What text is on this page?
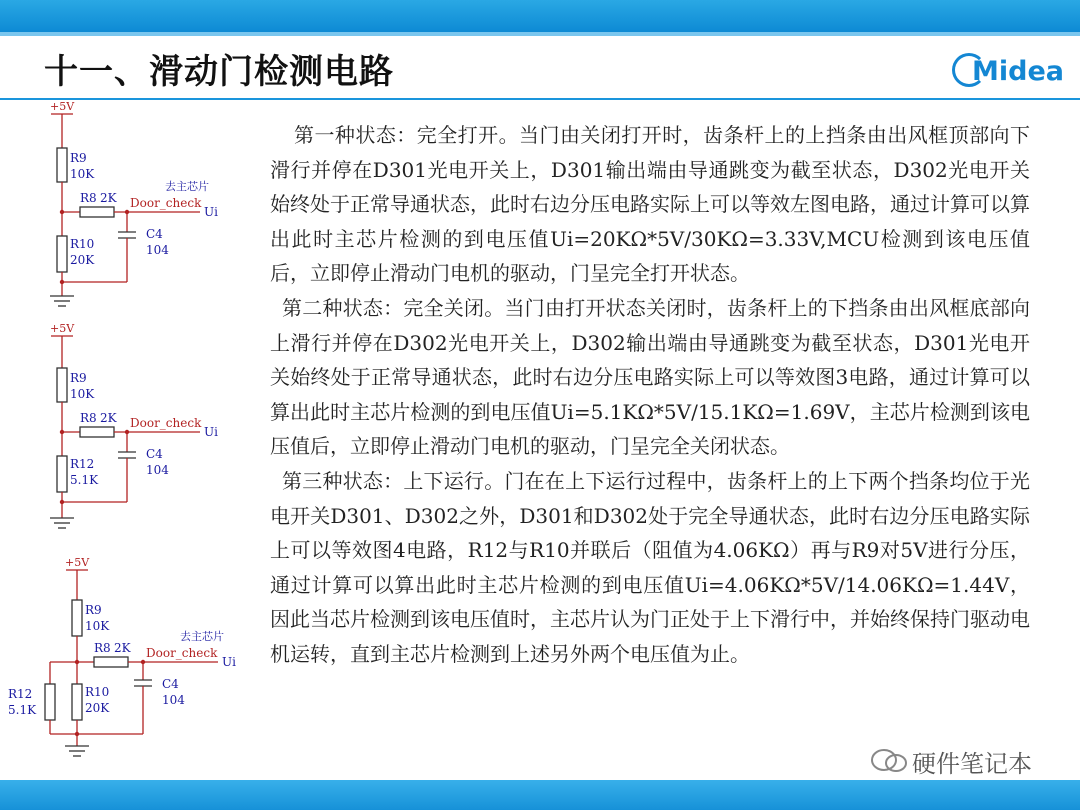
十一、滑动门检测电路	Midea
+5V
R9
10K
R8 2K
去主芯片
Door_check
Ui
R10
20K
C4
104
+5V
R9
10K
R8 2K Door_check
Ui
R12
5.1K
C4
104
+5V
R9
10K
R8 2K
去主芯片
Door_check
Ui
R12
5.1K
R10
20K
C4
104

第一种状态：完全打开。当门由关闭打开时，齿条杆上的上挡条由出风框顶部向下滑行并停在D301光电开关上，D301输出端由导通跳变为截至状态，D302光电开关始终处于正常导通状态，此时右边分压电路实际上可以等效左图电路，通过计算可以算出此时主芯片检测的到电压值Ui=20KΩ*5V/30KΩ=3.33V,MCU检测到该电压值后，立即停止滑动门电机的驱动，门呈完全打开状态。

第二种状态：完全关闭。当门由打开状态关闭时，齿条杆上的下挡条由出风框底部向上滑行并停在D302光电开关上，D302输出端由导通跳变为截至状态，D301光电开关始终处于正常导通状态，此时右边分压电路实际上可以等效图3电路，通过计算可以算出此时主芯片检测的到电压值Ui=5.1KΩ*5V/15.1KΩ=1.69V，主芯片检测到该电压值后，立即停止滑动门电机的驱动，门呈完全关闭状态。

第三种状态：上下运行。门在在上下运行过程中，齿条杆上的上下两个挡条均位于光电开关D301、D302之外，D301和D302处于完全导通状态，此时右边分压电路实际上可以等效图4电路，R12与R10并联后（阻值为4.06KΩ）再与R9对5V进行分压，通过计算可以算出此时主芯片检测的到电压值Ui=4.06KΩ*5V/14.06KΩ=1.44V，因此当芯片检测到该电压值时，主芯片认为门正处于上下滑行中，并始终保持门驱动电机运转，直到主芯片检测到上述另外两个电压值为止。

硬件笔记本
